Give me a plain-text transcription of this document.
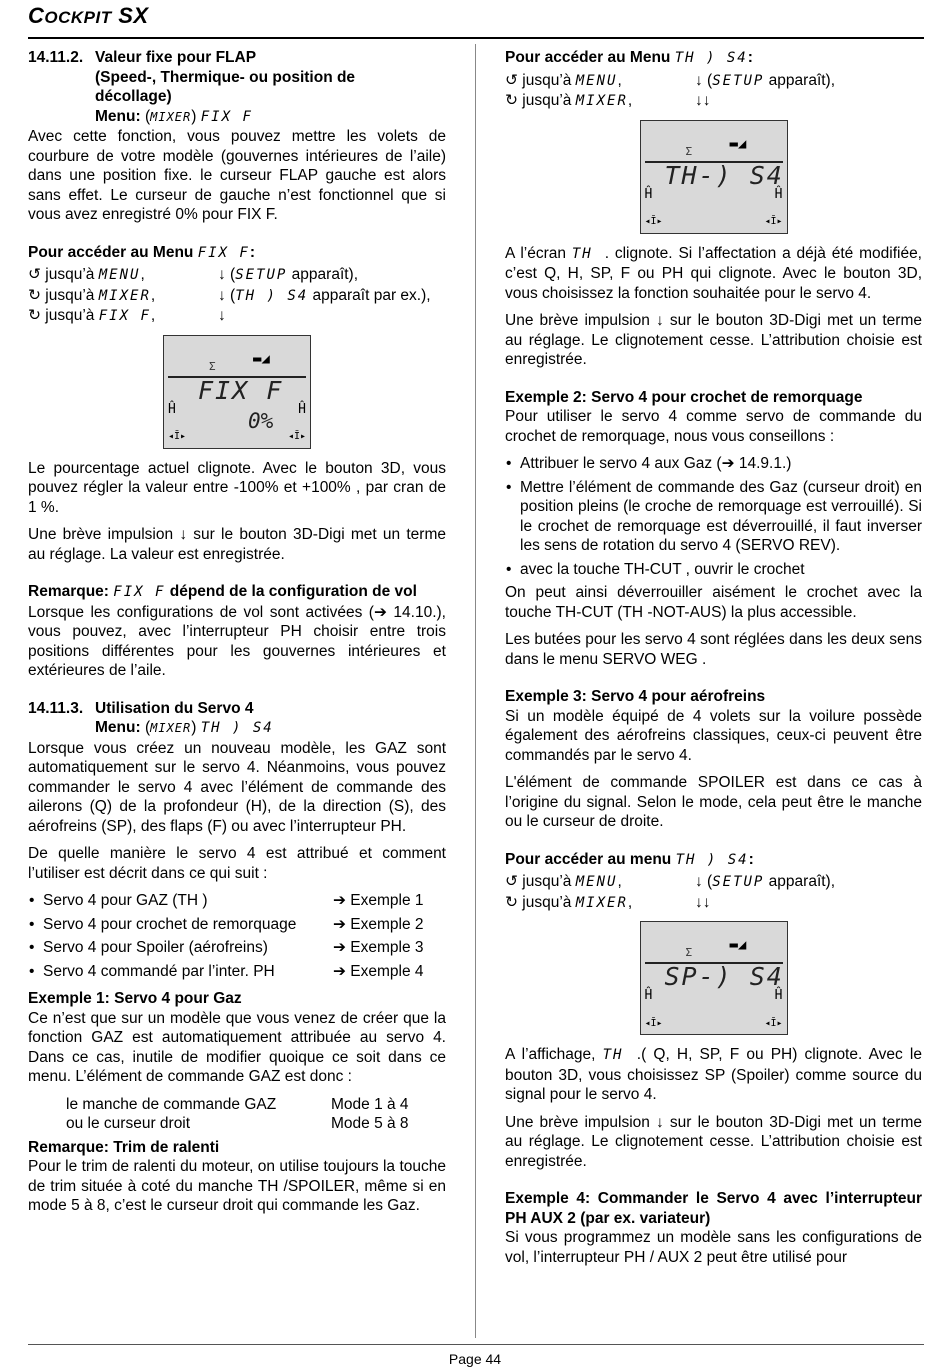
COCKPIT SX
14.11.2. Valeur fixe pour FLAP
(Speed-, Thermique- ou position de
décollage)
Menu: (MIXER) FIX F

Avec cette fonction, vous pouvez mettre les volets de courbure de votre modèle (gouvernes intérieures de l’aile) dans une position fixe. le curseur FLAP gauche est alors sans effet. Le curseur de gauche n’est fonctionnel que si vous avez enregistré 0% pour FIX F.

Pour accéder au Menu FIX F:

↺ jusqu’à MENU,	↓ (SETUP apparaît),
↻ jusqu’à MIXER,	↓ (TH ) S4 apparaît par ex.),
↻ jusqu’à FIX F,	↓
▬◢
Σ
FIX F
0%
Ĥ	Ĥ
◂Ī▸	◂Ī▸

Le pourcentage actuel clignote. Avec le bouton 3D, vous pouvez régler la valeur entre -100% et +100% , par cran de 1 %.

Une brève impulsion ↓ sur le bouton 3D-Digi met un terme au réglage. La valeur est enregistrée.

Remarque: FIX F dépend de la configuration de vol

Lorsque les configurations de vol sont activées (➔ 14.10.), vous pouvez, avec l’interrupteur PH choisir entre trois positions différentes pour les gouvernes intérieures et extérieures de l’aile.

14.11.3. Utilisation du Servo 4
Menu: (MIXER) TH ) S4

Lorsque vous créez un nouveau modèle, les GAZ sont automatiquement sur le servo 4. Néanmoins, vous pouvez commander le servo 4 avec l’élément de commande des ailerons (Q) de la profondeur (H), de la direction (S), des aérofreins (SP), des flaps (F) ou avec l’interrupteur PH.

De quelle manière le servo 4 est attribué et comment l’utiliser est décrit dans ce qui suit :

• Servo 4 pour GAZ (TH )	➔ Exemple 1
• Servo 4 pour crochet de remorquage	➔ Exemple 2
• Servo 4 pour Spoiler (aérofreins)	➔ Exemple 3
• Servo 4 commandé par l’inter. PH	➔ Exemple 4

Exemple 1: Servo 4 pour Gaz

Ce n’est que sur un modèle que vous venez de créer que la fonction GAZ est automatiquement attribuée au servo 4. Dans ce cas, inutile de modifier quoique ce soit dans ce menu. L’élément de commande GAZ est donc :

le manche de commande GAZ	Mode 1 à 4
ou le curseur droit	Mode 5 à 8

Remarque: Trim de ralenti

Pour le trim de ralenti du moteur, on utilise toujours la touche de trim située à coté du manche TH /SPOILER, même si en mode 5 à 8, c’est le curseur droit qui commande les Gaz.

Pour accéder au Menu TH ) S4:

↺ jusqu’à MENU,	↓ (SETUP apparaît),
↻ jusqu’à MIXER,	↓↓
▬◢
Σ
TH-) S4
Ĥ	Ĥ
◂Ī▸	◂Ī▸

A l’écran TH . clignote. Si l’affectation a déjà été modifiée, c’est Q, H, SP, F ou PH qui clignote. Avec le bouton 3D, vous choisissez la fonction souhaitée pour le servo 4.

Une brève impulsion ↓ sur le bouton 3D-Digi met un terme au réglage. Le clignotement cesse. L’attribution choisie est enregistrée.

Exemple 2: Servo 4 pour crochet de remorquage

Pour utiliser le servo 4 comme servo de commande du crochet de remorquage, nous vous conseillons :

• Attribuer le servo 4 aux Gaz (➔ 14.9.1.)
• Mettre l’élément de commande des Gaz (curseur droit) en position pleins (le croche de remorquage est verrouillé). Si le crochet de remorquage est déverrouillé, il faut inverser les sens de rotation du servo 4 (SERVO REV).
• avec la touche TH-CUT , ouvrir le crochet

On peut ainsi déverrouiller aisément le crochet avec la touche TH-CUT (TH -NOT-AUS) la plus accessible.

Les butées pour les servo 4 sont réglées dans les deux sens dans le menu SERVO WEG .

Exemple 3: Servo 4 pour aérofreins

Si un modèle équipé de 4 volets sur la voilure possède également des aérofreins classiques, ceux-ci peuvent être commandés par le servo 4.

L'élément de commande SPOILER est dans ce cas à l’origine du signal. Selon le mode, cela peut être le manche ou le curseur de droite.

Pour accéder au menu TH ) S4:

↺ jusqu’à MENU,	↓ (SETUP apparaît),
↻ jusqu’à MIXER,	↓↓
▬◢
Σ
SP-) S4
Ĥ	Ĥ
◂Ī▸	◂Ī▸

A l’affichage, TH .( Q, H, SP, F ou PH) clignote. Avec le bouton 3D, vous choisissez SP (Spoiler) comme source du signal pour le servo 4.

Une brève impulsion ↓ sur le bouton 3D-Digi met un terme au réglage. Le clignotement cesse. L’attribution choisie est enregistrée.

Exemple 4: Commander le Servo 4 avec l’interrupteur PH AUX 2 (par ex. variateur)

Si vous programmez un modèle sans les configurations de vol, l’interrupteur PH / AUX 2 peut être utilisé pour

Page 44
